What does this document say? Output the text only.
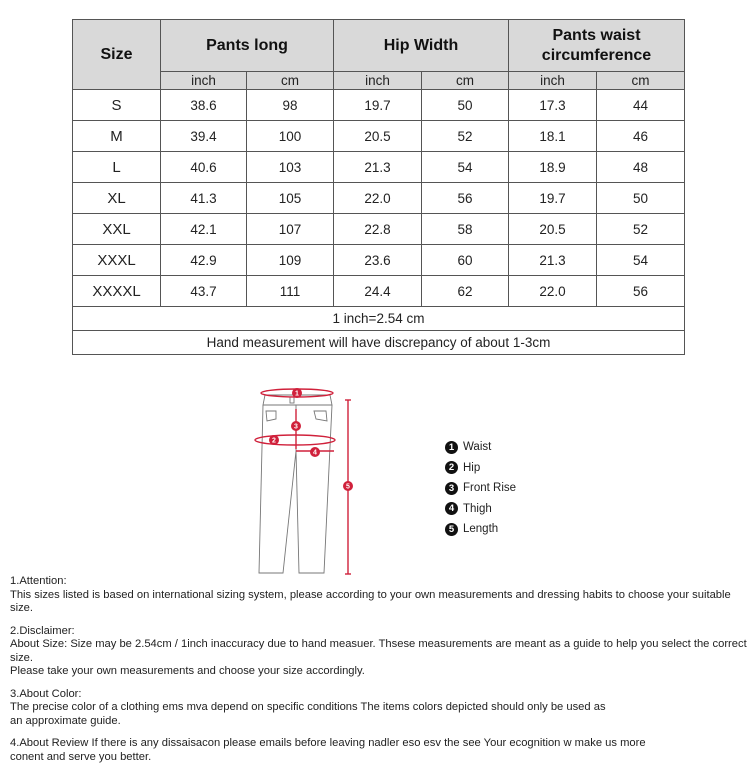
Size	Pants long		Hip Width		Pants waist circumference	
	inch	cm	inch	cm	inch	cm
S	38.6	98	19.7	50	17.3	44
M	39.4	100	20.5	52	18.1	46
L	40.6	103	21.3	54	18.9	48
XL	41.3	105	22.0	56	19.7	50
XXL	42.1	107	22.8	58	20.5	52
XXXL	42.9	109	23.6	60	21.3	54
XXXXL	43.7	111	24.4	62	22.0	56
1 inch=2.54 cm						
Hand measurement will have discrepancy of about 1-3cm						
1
2
3
4
5
1 Waist
2 Hip
3 Front Rise
4 Thigh
5 Length

1.Attention:

This sizes listed is based on international sizing system, please according to your own measurements and dressing habits to choose your suitable size.

2.Disclaimer:

About Size: Size may be 2.54cm / 1inch inaccuracy due to hand measuer. Thsese measurements are meant as a guide to help you select the correct size.

Please take your own measurements and choose your size accordingly.

3.About Color:

The precise color of a clothing ems mva depend on specific conditions The items colors depicted should only be used as

an approximate guide.

4.About Review If there is any dissaisacon please emails before leaving nadler eso esv the see Your ecognition w make us more

conent and serve you better.
